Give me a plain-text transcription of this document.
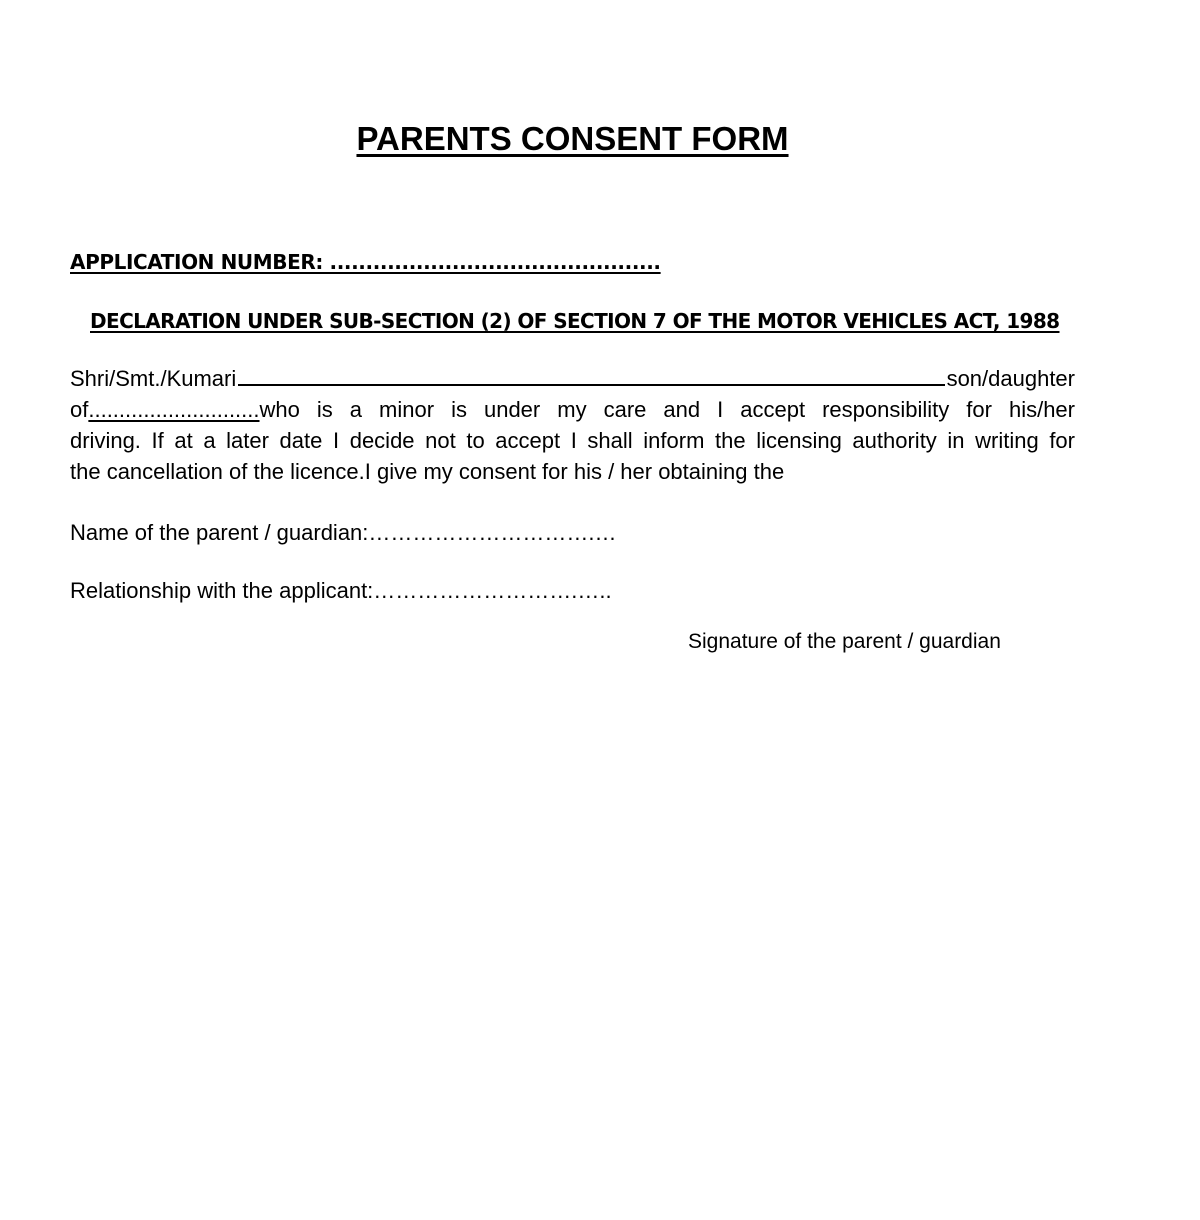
PARENTS CONSENT FORM
APPLICATION NUMBER: ..............................................
DECLARATION UNDER SUB-SECTION (2) OF SECTION 7 OF THE MOTOR VEHICLES ACT, 1988
Shri/Smt./Kumari	son/daughter
of............................who is a minor is under my care and I accept responsibility for his/her
driving. If at a later date I decide not to accept I shall inform the licensing authority in writing for
the cancellation of the licence.I give my consent for his / her obtaining the
Name of the parent / guardian:………………………….…
Relationship with the applicant:……………………….…..
Signature of the parent / guardian
